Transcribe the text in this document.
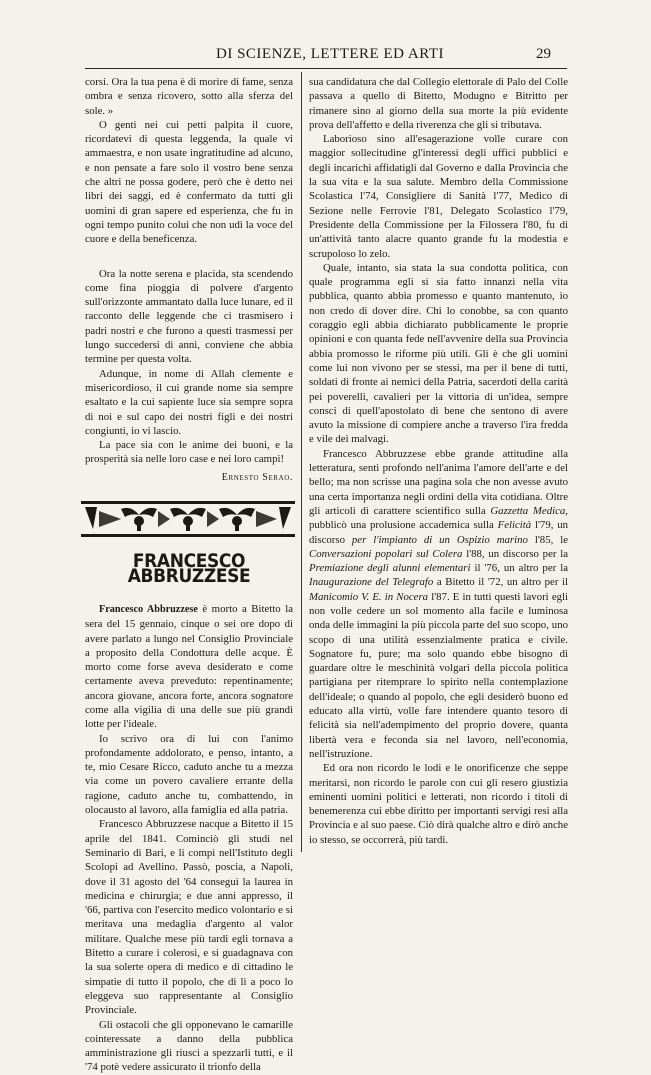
DI SCIENZE, LETTERE ED ARTI	29

corsi. Ora la tua pena è di morire di fame, senza ombra e senza ricovero, sotto alla sferza del sole. »

O genti nei cui petti palpita il cuore, ricordatevi di questa leggenda, la quale vi ammaestra, e non usate ingratitudine ad alcuno, e non pensate a fare solo il vostro bene senza che altri ne possa godere, però che è detto nei libri dei saggi, ed è confermato da tutti gli uomini di gran sapere ed esperienza, che fu in ogni tempo punito colui che non udì la voce del cuore e della beneficenza.

Ora la notte serena e placida, sta scendendo come fina pioggia di polvere d'argento sull'orizzonte ammantato dalla luce lunare, ed il racconto delle leggende che ci trasmisero i padri nostri e che furono a questi trasmessi per lungo succedersi di anni, conviene che abbia termine per questa volta.

Adunque, in nome di Allah clemente e misericordioso, il cui grande nome sia sempre esaltato e la cui sapiente luce sia sempre sopra di noi e sul capo dei nostri figli e dei nostri congiunti, io vi lascio.

La pace sia con le anime dei buoni, e la prosperità sia nelle loro case e nei loro campi!

Ernesto Serao.

FRANCESCO ABBRUZZESE

Francesco Abbruzzese è morto a Bitetto la sera del 15 gennaio, cinque o sei ore dopo di avere parlato a lungo nel Consiglio Provinciale a proposito della Condottura delle acque. È morto come forse aveva desiderato e come certamente aveva preveduto: repentinamente; ancora giovane, ancora forte, ancora sognatore come alla vigilia di una delle sue più grandi lotte per l'ideale.

Io scrivo ora di lui con l'animo profondamente addolorato, e penso, intanto, a te, mio Cesare Ricco, caduto anche tu a mezza via come un povero cavaliere errante della ragione, caduto anche tu, combattendo, in olocausto al lavoro, alla famiglia ed alla patria.

Francesco Abbruzzese nacque a Bitetto il 15 aprile del 1841. Cominciò gli studi nel Seminario di Bari, e li compì nell'Istituto degli Scolopi ad Avellino. Passò, poscia, a Napoli, dove il 31 agosto del '64 conseguì la laurea in medicina e chirurgia; e due anni appresso, il '66, partiva con l'esercito medico volontario e si meritava una medaglia d'argento al valor militare. Qualche mese più tardi egli tornava a Bitetto a curare i colerosi, e si guadagnava con la sua solerte opera di medico e di cittadino le simpatie di tutto il popolo, che di lì a poco lo eleggeva suo rappresentante al Consiglio Provinciale.

Gli ostacoli che gli opponevano le camarille cointeressate a danno della pubblica amministrazione gli riuscì a spezzarli tutti, e il '74 potè vedere assicurato il trionfo della

sua candidatura che dal Collegio elettorale di Palo del Colle passava a quello di Bitetto, Modugno e Bitritto per rimanere sino al giorno della sua morte la più evidente prova dell'affetto e della riverenza che gli si tributava.

Laborioso sino all'esagerazione volle curare con maggior sollecitudine gl'interessi degli uffici pubblici e degli incarichi affidatigli dal Governo e dalla Provincia che la sua vita e la sua salute. Membro della Commissione Scolastica l'74, Consigliere di Sanità l'77, Medico di Sezione nelle Ferrovie l'81, Delegato Scolastico l'79, Presidente della Commissione per la Filossera l'80, fu di un'attività tanto alacre quanto grande fu la modestia e scrupoloso lo zelo.

Quale, intanto, sia stata la sua condotta politica, con quale programma egli si sia fatto innanzi nella vita pubblica, quanto abbia promesso e quanto mantenuto, io non credo di dover dire. Chi lo conobbe, sa con quanto coraggio egli abbia dichiarato pubblicamente le proprie opinioni e con quanta fede nell'avvenire della sua Provincia abbia promosso le riforme più utili. Gli è che gli uomini come lui non vivono per se stessi, ma per il bene di tutti, soldati di fronte ai nemici della Patria, sacerdoti della carità pei poverelli, cavalieri per la vittoria di un'idea, sempre consci di quell'apostolato di bene che sentono di avere avuto la missione di compiere anche a traverso l'ira fredda e vile dei malvagi.

Francesco Abbruzzese ebbe grande attitudine alla letteratura, sentì profondo nell'anima l'amore dell'arte e del bello; ma non scrisse una pagina sola che non avesse avuto una certa importanza negli ordini della vita cotidiana. Oltre gli articoli di carattere scientifico sulla Gazzetta Medica, pubblicò una prolusione accademica sulla Felicità l'79, un discorso per l'impianto di un Ospizio marino l'85, le Conversazioni popolari sul Colera l'88, un discorso per la Premiazione degli alunni elementari il '76, un altro per la Inaugurazione del Telegrafo a Bitetto il '72, un altro per il Manicomio V. E. in Nocera l'87. E in tutti questi lavori egli non volle cedere un sol momento alla facile e luminosa onda delle immagini la più piccola parte del suo scopo, uno scopo di una utilità essenzialmente pratica e civile. Sognatore fu, pure; ma solo quando ebbe bisogno di guardare oltre le meschinità volgari della piccola politica partigiana per ritemprare lo spirito nella contemplazione dell'ideale; o quando al popolo, che egli desiderò buono ed educato alla virtù, volle fare intendere quanto tesoro di felicità sia nell'adempimento del proprio dovere, quanta libertà vera e feconda sia nel lavoro, nell'economia, nell'istruzione.

Ed ora non ricordo le lodi e le onorificenze che seppe meritarsi, non ricordo le parole con cui gli resero giustizia eminenti uomini politici e letterati, non ricordo i titoli di benemerenza cui ebbe diritto per importanti servigi resi alla Provincia e al suo paese. Ciò dirà qualche altro e dirò anche io stesso, se occorrerà, più tardi.
